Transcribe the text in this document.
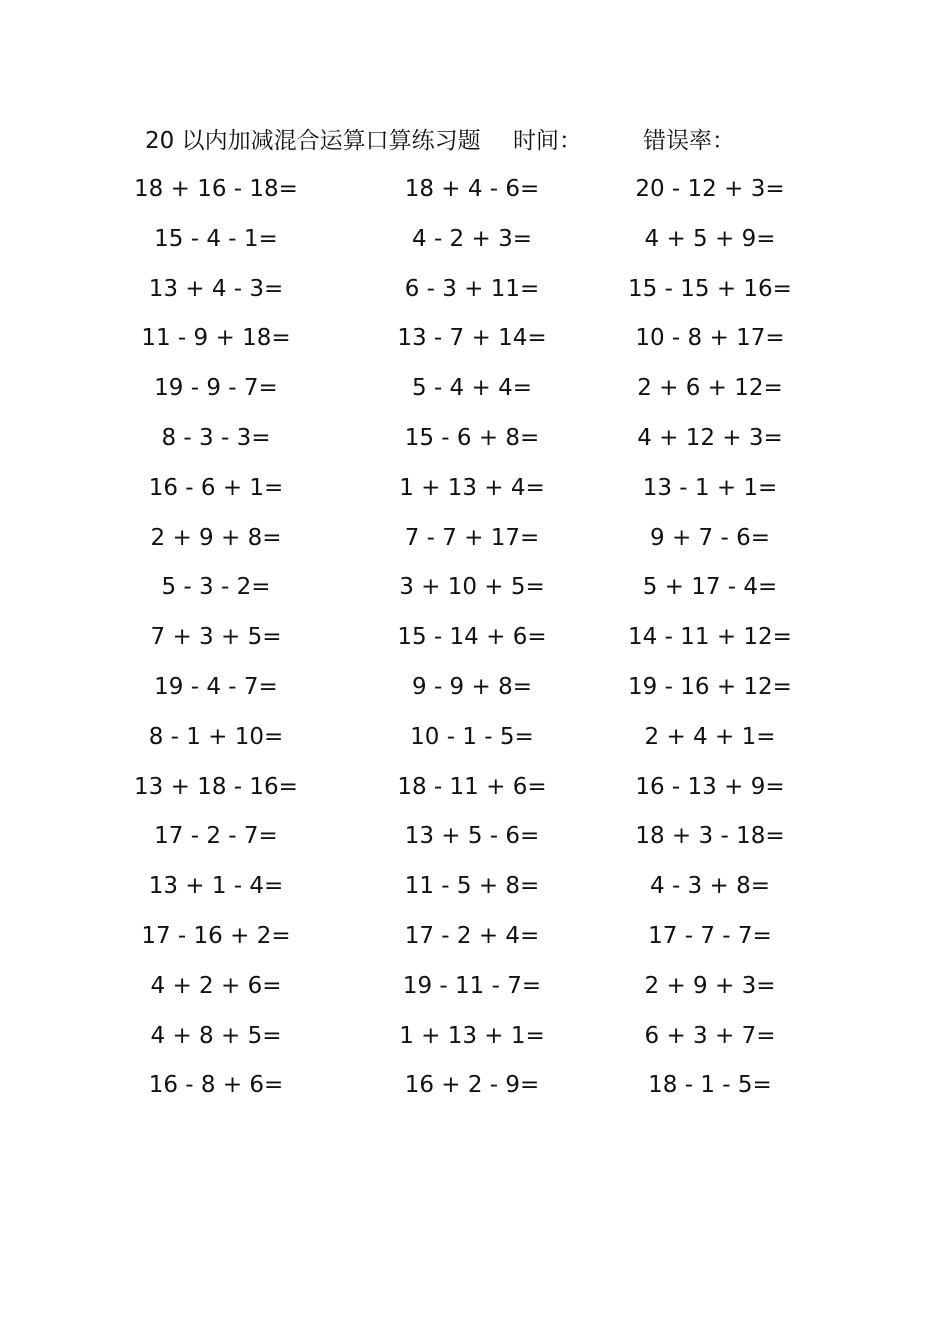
20 以内加减混合运算口算练习题 时间：	错误率：
18 + 16 - 18=	18 + 4 - 6=	20 - 12 + 3=
15 - 4 - 1=	4 - 2 + 3=	4 + 5 + 9=
13 + 4 - 3=	6 - 3 + 11=	15 - 15 + 16=
11 - 9 + 18=	13 - 7 + 14=	10 - 8 + 17=
19 - 9 - 7=	5 - 4 + 4=	2 + 6 + 12=
8 - 3 - 3=	15 - 6 + 8=	4 + 12 + 3=
16 - 6 + 1=	1 + 13 + 4=	13 - 1 + 1=
2 + 9 + 8=	7 - 7 + 17=	9 + 7 - 6=
5 - 3 - 2=	3 + 10 + 5=	5 + 17 - 4=
7 + 3 + 5=	15 - 14 + 6=	14 - 11 + 12=
19 - 4 - 7=	9 - 9 + 8=	19 - 16 + 12=
8 - 1 + 10=	10 - 1 - 5=	2 + 4 + 1=
13 + 18 - 16=	18 - 11 + 6=	16 - 13 + 9=
17 - 2 - 7=	13 + 5 - 6=	18 + 3 - 18=
13 + 1 - 4=	11 - 5 + 8=	4 - 3 + 8=
17 - 16 + 2=	17 - 2 + 4=	17 - 7 - 7=
4 + 2 + 6=	19 - 11 - 7=	2 + 9 + 3=
4 + 8 + 5=	1 + 13 + 1=	6 + 3 + 7=
16 - 8 + 6=	16 + 2 - 9=	18 - 1 - 5=
